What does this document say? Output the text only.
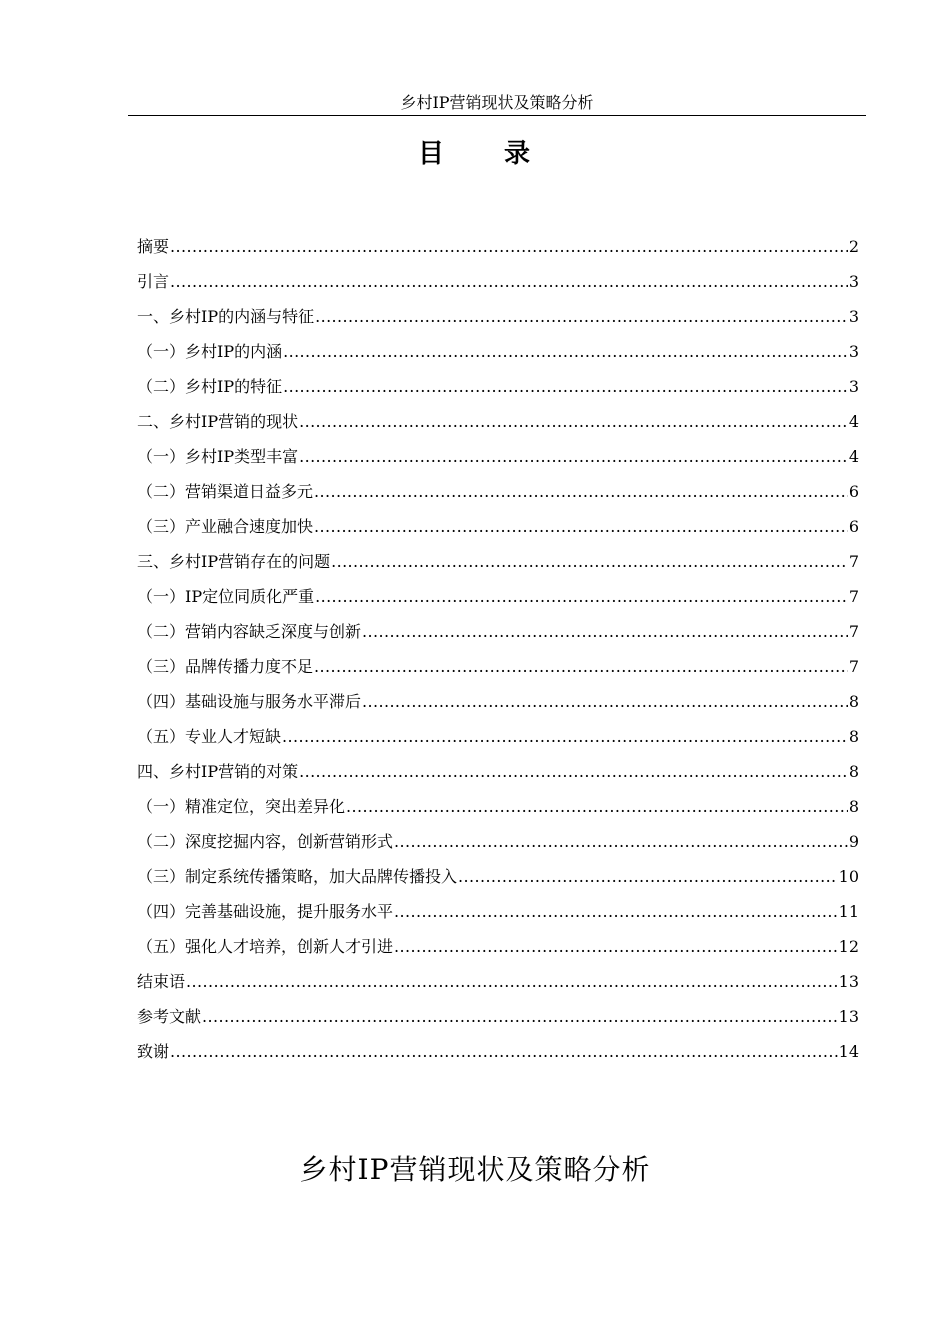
乡村IP营销现状及策略分析
目 录
摘要 .....	2
引言 .....	3
一、乡村IP的内涵与特征 .....	3
（一）乡村IP的内涵 .....	3
（二）乡村IP的特征 .....	3
二、乡村IP营销的现状 .....	4
（一）乡村IP类型丰富 .....	4
（二）营销渠道日益多元 .....	6
（三）产业融合速度加快 .....	6
三、乡村IP营销存在的问题 .....	7
（一）IP定位同质化严重 .....	7
（二）营销内容缺乏深度与创新 .....	7
（三）品牌传播力度不足 .....	7
（四）基础设施与服务水平滞后 .....	8
（五）专业人才短缺 .....	8
四、乡村IP营销的对策 .....	8
（一）精准定位，突出差异化 .....	8
（二）深度挖掘内容，创新营销形式 .....	9
（三）制定系统传播策略，加大品牌传播投入 .....	10
（四）完善基础设施，提升服务水平 .....	11
（五）强化人才培养，创新人才引进 .....	12
结束语 .....	13
参考文献 .....	13
致谢 .....	14
乡村IP营销现状及策略分析
